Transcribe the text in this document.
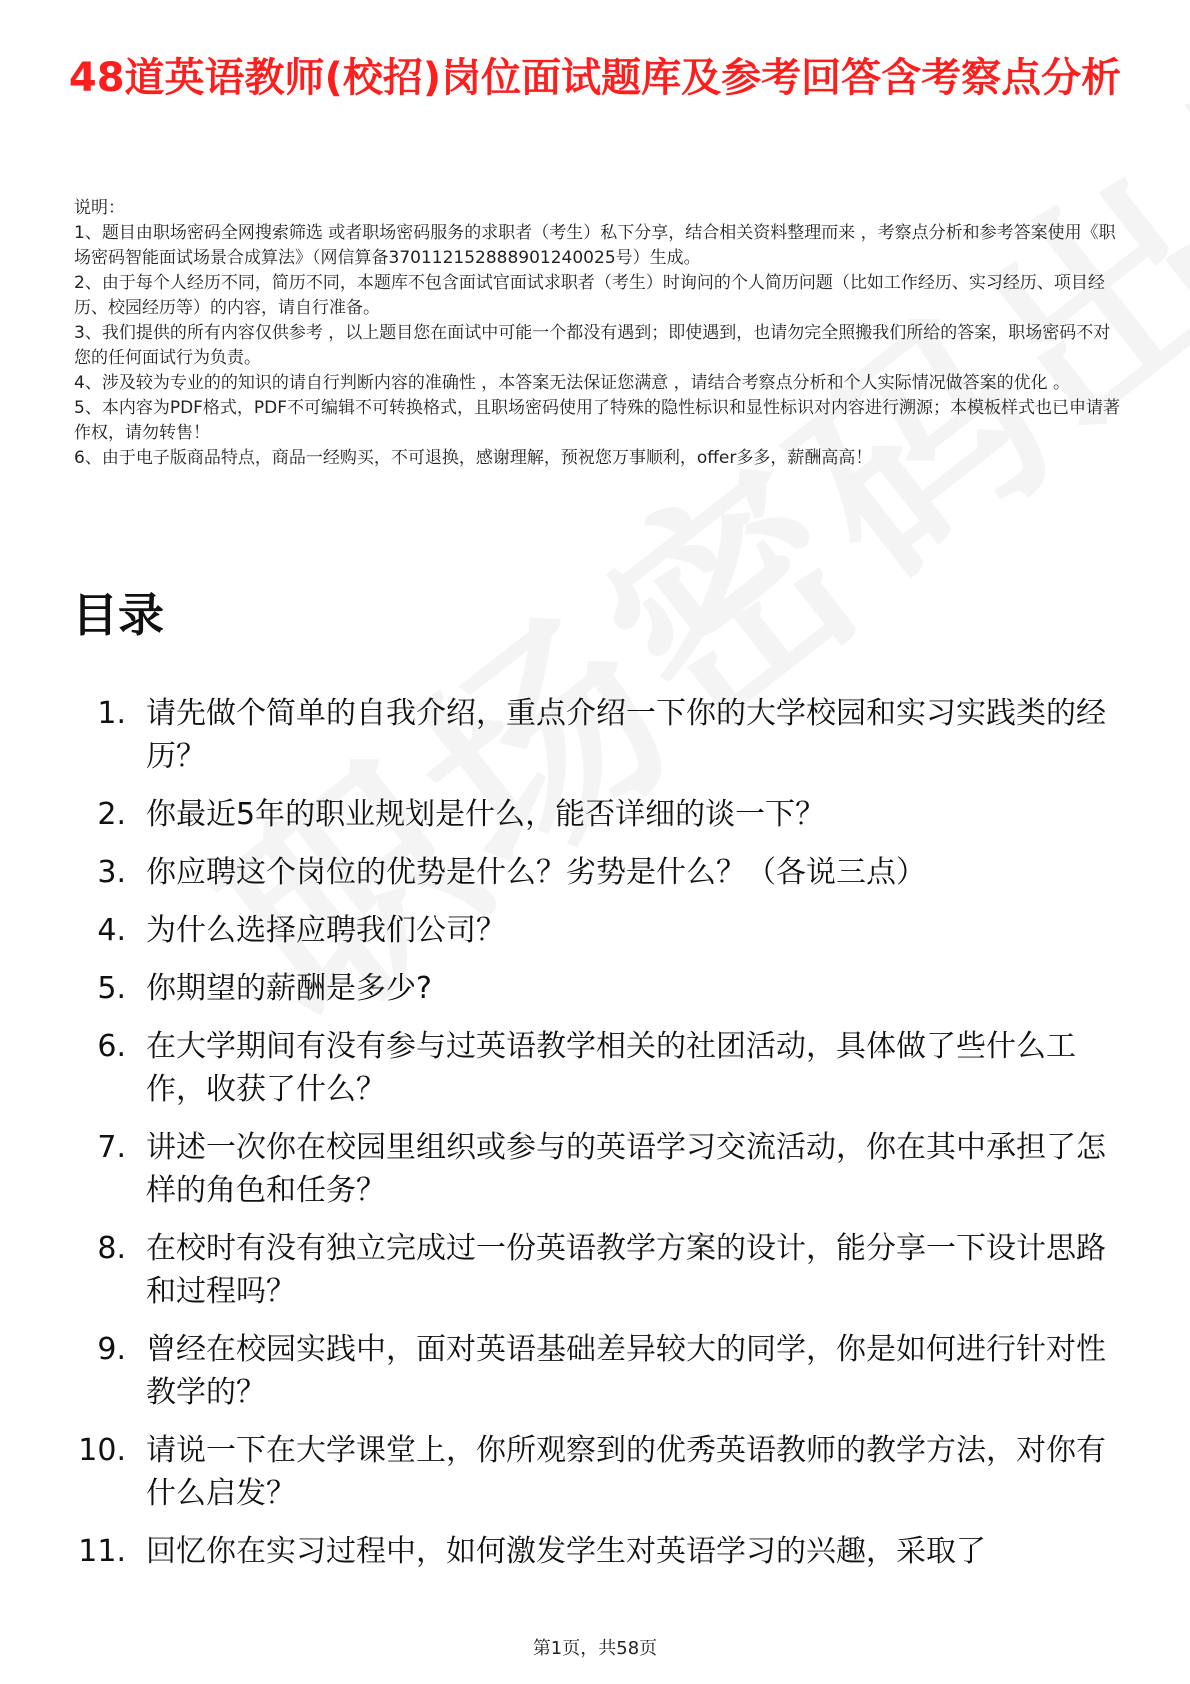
48道英语教师(校招)岗位面试题库及参考回答含考察点分析
说明：
1、题目由职场密码全网搜索筛选 或者职场密码服务的求职者（考生）私下分享，结合相关资料整理而来 ，考察点分析和参考答案使用《职场密码智能面试场景合成算法》（网信算备370112152888901240025号）生成。
2、由于每个人经历不同，简历不同，本题库不包含面试官面试求职者（考生）时询问的个人简历问题（比如工作经历、实习经历、项目经历、校园经历等）的内容，请自行准备。
3、我们提供的所有内容仅供参考 ，以上题目您在面试中可能一个都没有遇到；即使遇到，也请勿完全照搬我们所给的答案，职场密码不对您的任何面试行为负责。
4、涉及较为专业的的知识的请自行判断内容的准确性 ，本答案无法保证您满意 ，请结合考察点分析和个人实际情况做答案的优化 。
5、本内容为PDF格式，PDF不可编辑不可转换格式，且职场密码使用了特殊的隐性标识和显性标识对内容进行溯源；本模板样式也已申请著作权，请勿转售！
6、由于电子版商品特点，商品一经购买，不可退换，感谢理解，预祝您万事顺利，offer多多，薪酬高高！
目录
1. 请先做个简单的自我介绍，重点介绍一下你的大学校园和实习实践类的经历？
2. 你最近5年的职业规划是什么，能否详细的谈一下？
3. 你应聘这个岗位的优势是什么？劣势是什么？（各说三点）
4. 为什么选择应聘我们公司？
5. 你期望的薪酬是多少?
6. 在大学期间有没有参与过英语教学相关的社团活动，具体做了些什么工作，收获了什么？
7. 讲述一次你在校园里组织或参与的英语学习交流活动，你在其中承担了怎样的角色和任务？
8. 在校时有没有独立完成过一份英语教学方案的设计，能分享一下设计思路和过程吗？
9. 曾经在校园实践中，面对英语基础差异较大的同学，你是如何进行针对性教学的？
10. 请说一下在大学课堂上，你所观察到的优秀英语教师的教学方法，对你有什么启发？
11. 回忆你在实习过程中，如何激发学生对英语学习的兴趣，采取了
第1页，共58页
